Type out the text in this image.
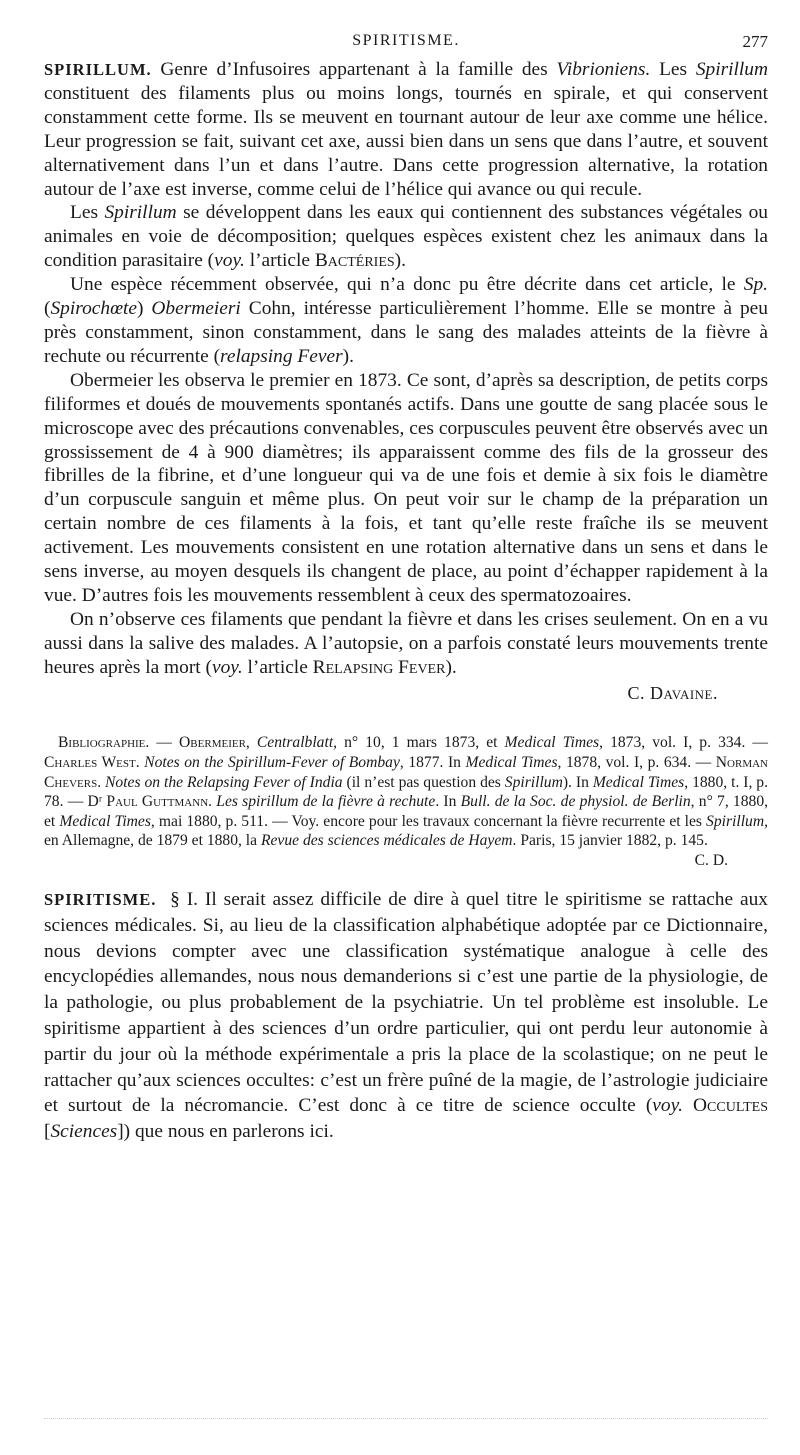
SPIRITISME.	277

SPIRILLUM. Genre d’Infusoires appartenant à la famille des Vibrioniens. Les Spirillum constituent des filaments plus ou moins longs, tournés en spirale, et qui conservent constamment cette forme. Ils se meuvent en tournant autour de leur axe comme une hélice. Leur progression se fait, suivant cet axe, aussi bien dans un sens que dans l’autre, et souvent alternativement dans l’un et dans l’autre. Dans cette progression alternative, la rotation autour de l’axe est inverse, comme celui de l’hélice qui avance ou qui recule.

Les Spirillum se développent dans les eaux qui contiennent des substances végétales ou animales en voie de décomposition; quelques espèces existent chez les animaux dans la condition parasitaire (voy. l’article Bactéries).

Une espèce récemment observée, qui n’a donc pu être décrite dans cet article, le Sp. (Spirochœte) Obermeieri Cohn, intéresse particulièrement l’homme. Elle se montre à peu près constamment, sinon constamment, dans le sang des malades atteints de la fièvre à rechute ou récurrente (relapsing Fever).

Obermeier les observa le premier en 1873. Ce sont, d’après sa description, de petits corps filiformes et doués de mouvements spontanés actifs. Dans une goutte de sang placée sous le microscope avec des précautions convenables, ces corpuscules peuvent être observés avec un grossissement de 4 à 900 diamètres; ils apparaissent comme des fils de la grosseur des fibrilles de la fibrine, et d’une longueur qui va de une fois et demie à six fois le diamètre d’un corpuscule sanguin et même plus. On peut voir sur le champ de la préparation un certain nombre de ces filaments à la fois, et tant qu’elle reste fraîche ils se meuvent activement. Les mouvements consistent en une rotation alternative dans un sens et dans le sens inverse, au moyen desquels ils changent de place, au point d’échapper rapidement à la vue. D’autres fois les mouvements ressemblent à ceux des spermatozoaires.

On n’observe ces filaments que pendant la fièvre et dans les crises seulement. On en a vu aussi dans la salive des malades. A l’autopsie, on a parfois constaté leurs mouvements trente heures après la mort (voy. l’article Relapsing Fever).

C. Davaine.

Bibliographie. — Obermeier, Centralblatt, n° 10, 1 mars 1873, et Medical Times, 1873, vol. I, p. 334. — Charles West. Notes on the Spirillum-Fever of Bombay, 1877. In Medical Times, 1878, vol. I, p. 634. — Norman Chevers. Notes on the Relapsing Fever of India (il n’est pas question des Spirillum). In Medical Times, 1880, t. I, p. 78. — Dʳ Paul Guttmann. Les spirillum de la fièvre à rechute. In Bull. de la Soc. de physiol. de Berlin, n° 7, 1880, et Medical Times, mai 1880, p. 511. — Voy. encore pour les travaux concernant la fièvre recurrente et les Spirillum, en Allemagne, de 1879 et 1880, la Revue des sciences médicales de Hayem. Paris, 15 janvier 1882, p. 145.
C. D.

SPIRITISME. § I. Il serait assez difficile de dire à quel titre le spiritisme se rattache aux sciences médicales. Si, au lieu de la classification alphabétique adoptée par ce Dictionnaire, nous devions compter avec une classification systématique analogue à celle des encyclopédies allemandes, nous nous demanderions si c’est une partie de la physiologie, de la pathologie, ou plus probablement de la psychiatrie. Un tel problème est insoluble. Le spiritisme appartient à des sciences d’un ordre particulier, qui ont perdu leur autonomie à partir du jour où la méthode expérimentale a pris la place de la scolastique; on ne peut le rattacher qu’aux sciences occultes: c’est un frère puîné de la magie, de l’astrologie judiciaire et surtout de la nécromancie. C’est donc à ce titre de science occulte (voy. Occultes [Sciences]) que nous en parlerons ici.
